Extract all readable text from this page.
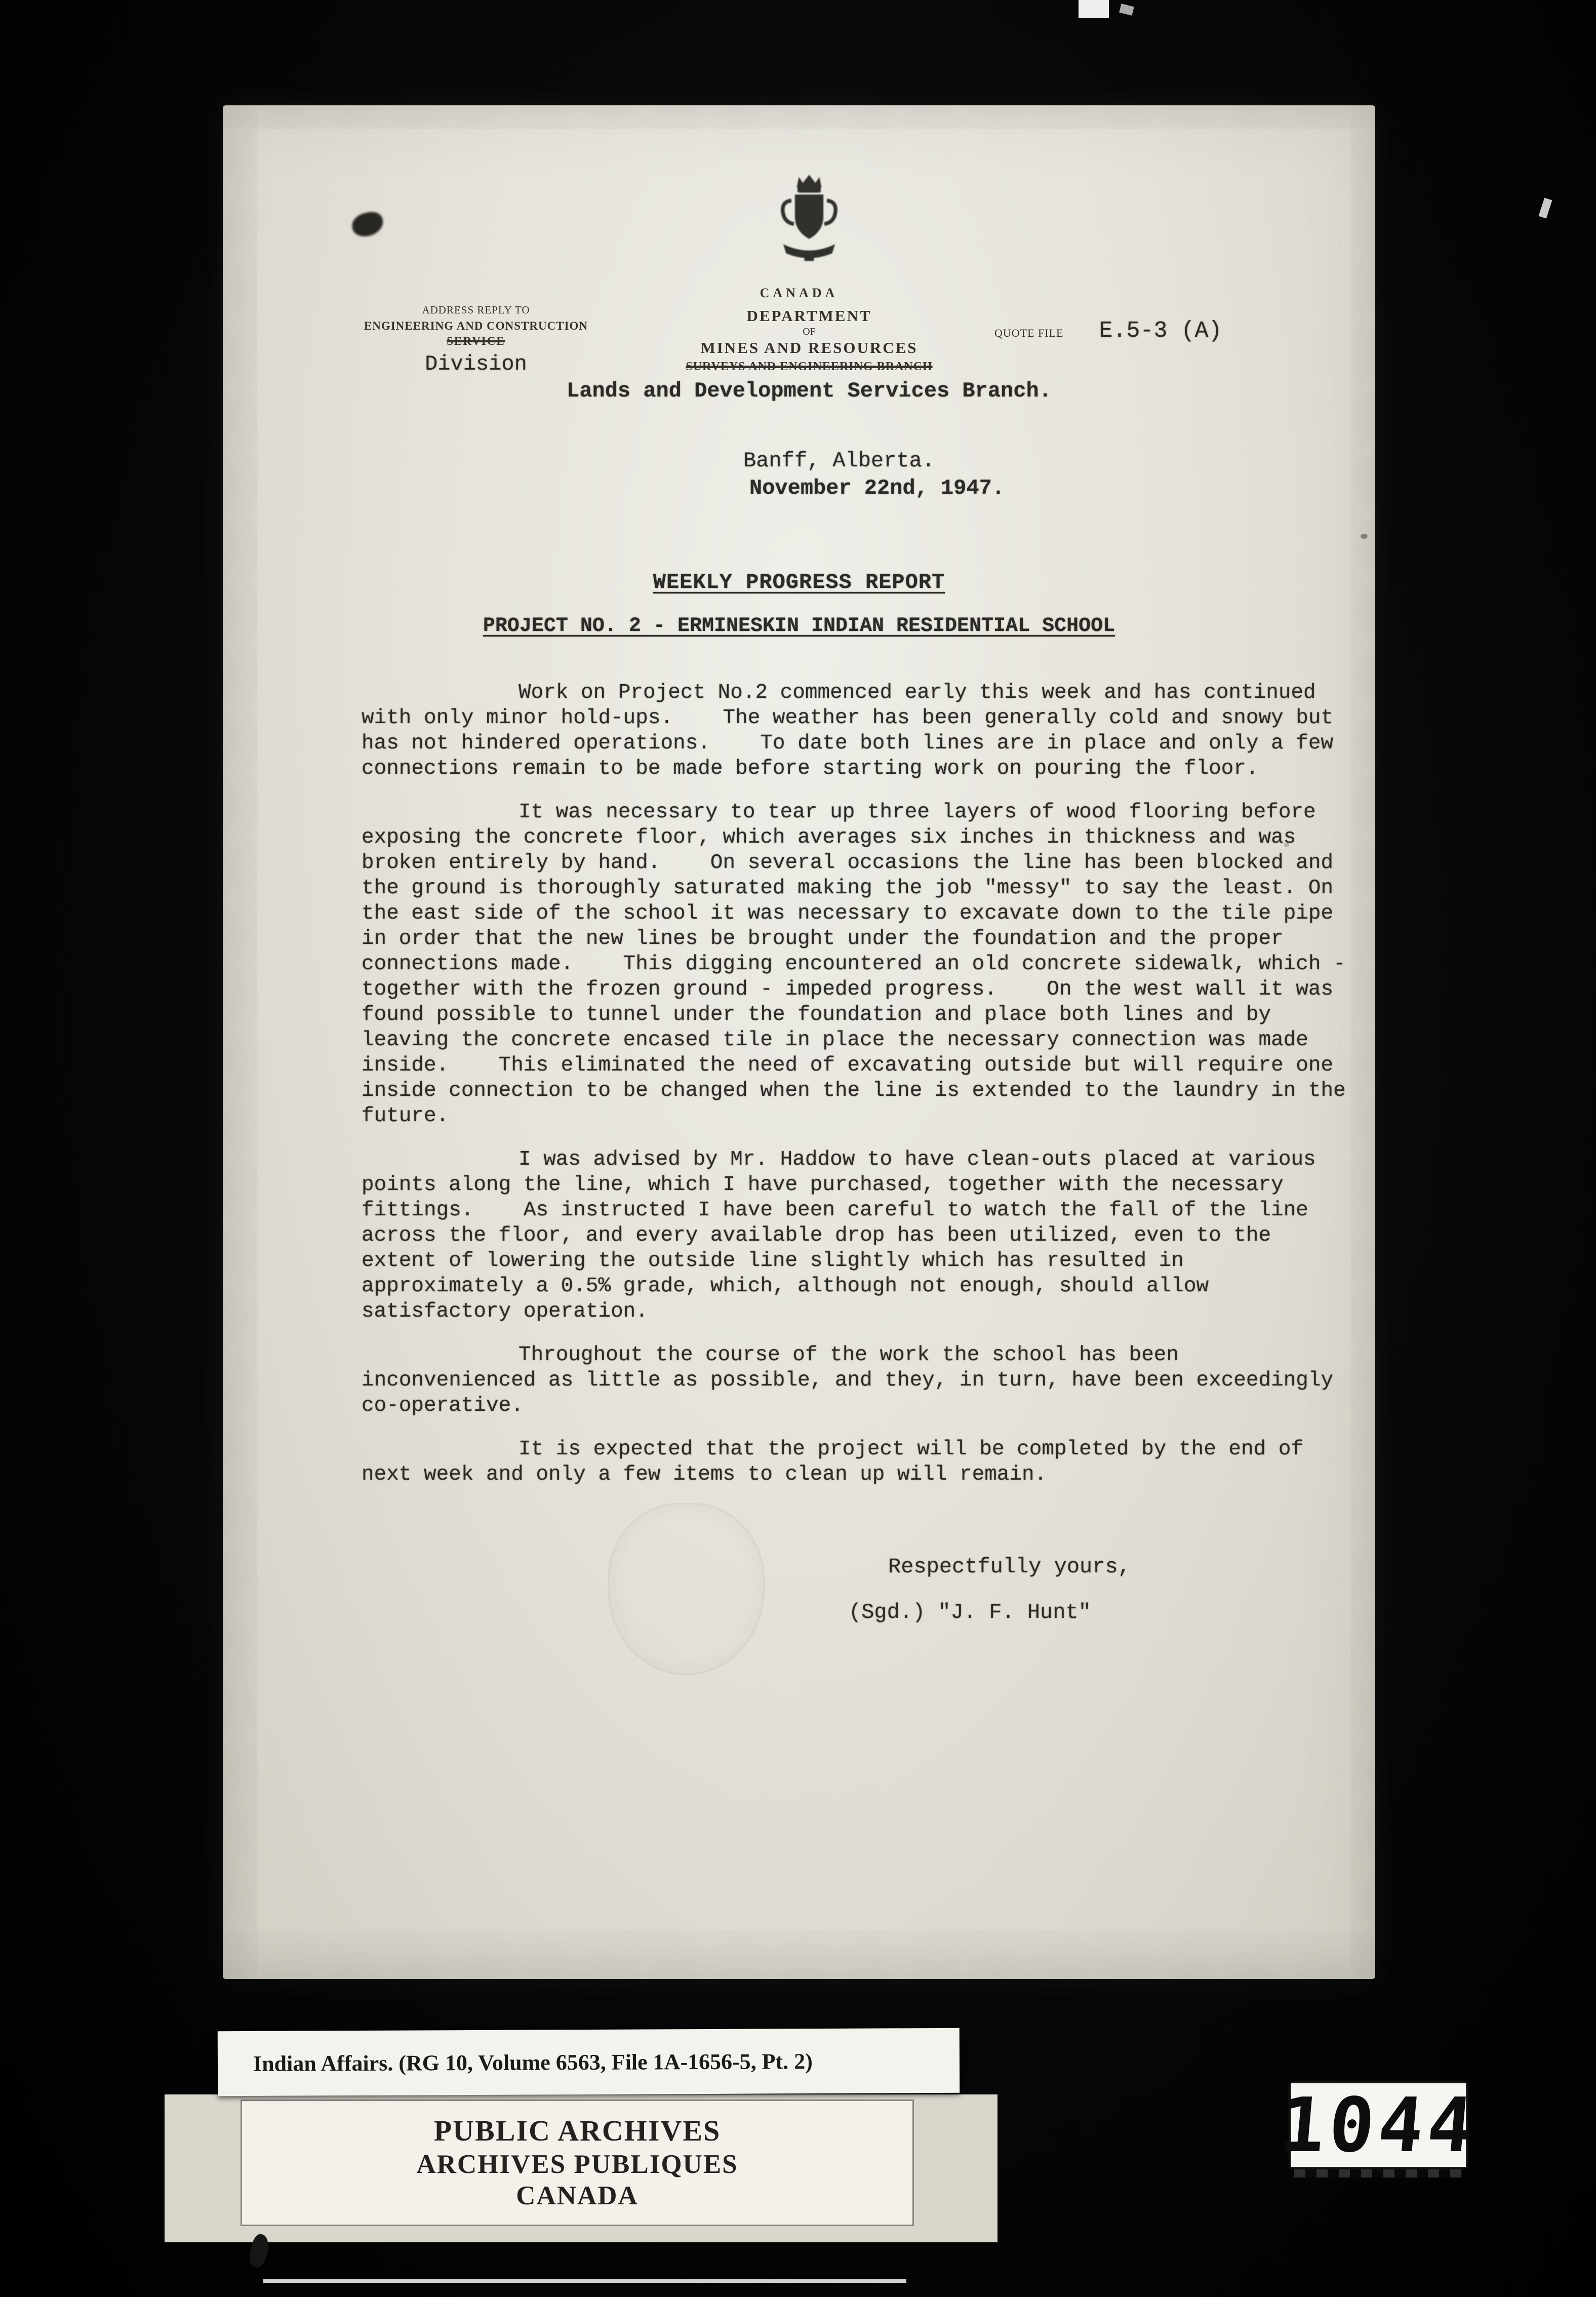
CANADA
ADDRESS REPLY TO
ENGINEERING AND CONSTRUCTION
SERVICE
Division
DEPARTMENT
OF
MINES AND RESOURCES
SURVEYS AND ENGINEERING BRANCH
Lands and Development Services Branch.
QUOTE FILE E.5-3 (A)
Banff, Alberta.
November 22nd, 1947.
WEEKLY PROGRESS REPORT
PROJECT NO. 2 - ERMINESKIN INDIAN RESIDENTIAL SCHOOL

Work on Project No.2 commenced early this week and has continued with only minor hold-ups.    The weather has been generally cold and snowy but has not hindered operations.    To date both lines are in place and only a few connections remain to be made before starting work on pouring the floor.

It was necessary to tear up three layers of wood flooring before exposing the concrete floor, which averages six inches in thickness and was broken entirely by hand.    On several occasions the line has been blocked and the ground is thoroughly saturated making the job "messy" to say the least. On the east side of the school it was necessary to excavate down to the tile pipe in order that the new lines be brought under the foundation and the proper connections made.    This digging encountered an old concrete sidewalk, which - together with the frozen ground - impeded progress.    On the west wall it was found possible to tunnel under the foundation and place both lines and by leaving the concrete encased tile in place the necessary connection was made inside.    This eliminated the need of excavating outside but will require one inside connection to be changed when the line is extended to the laundry in the future.

I was advised by Mr. Haddow to have clean-outs placed at various points along the line, which I have purchased, together with the necessary fittings.    As instructed I have been careful to watch the fall of the line across the floor, and every available drop has been utilized, even to the extent of lowering the outside line slightly which has resulted in approximately a 0.5% grade, which, although not enough, should allow satisfactory operation.

Throughout the course of the work the school has been inconvenienced as little as possible, and they, in turn, have been exceedingly co-operative.

It is expected that the project will be completed by the end of next week and only a few items to clean up will remain.

Respectfully yours,
(Sgd.) "J. F. Hunt"
PUBLIC ARCHIVES
ARCHIVES PUBLIQUES
CANADA
Indian Affairs. (RG 10, Volume 6563, File 1A-1656-5, Pt. 2)
1044
